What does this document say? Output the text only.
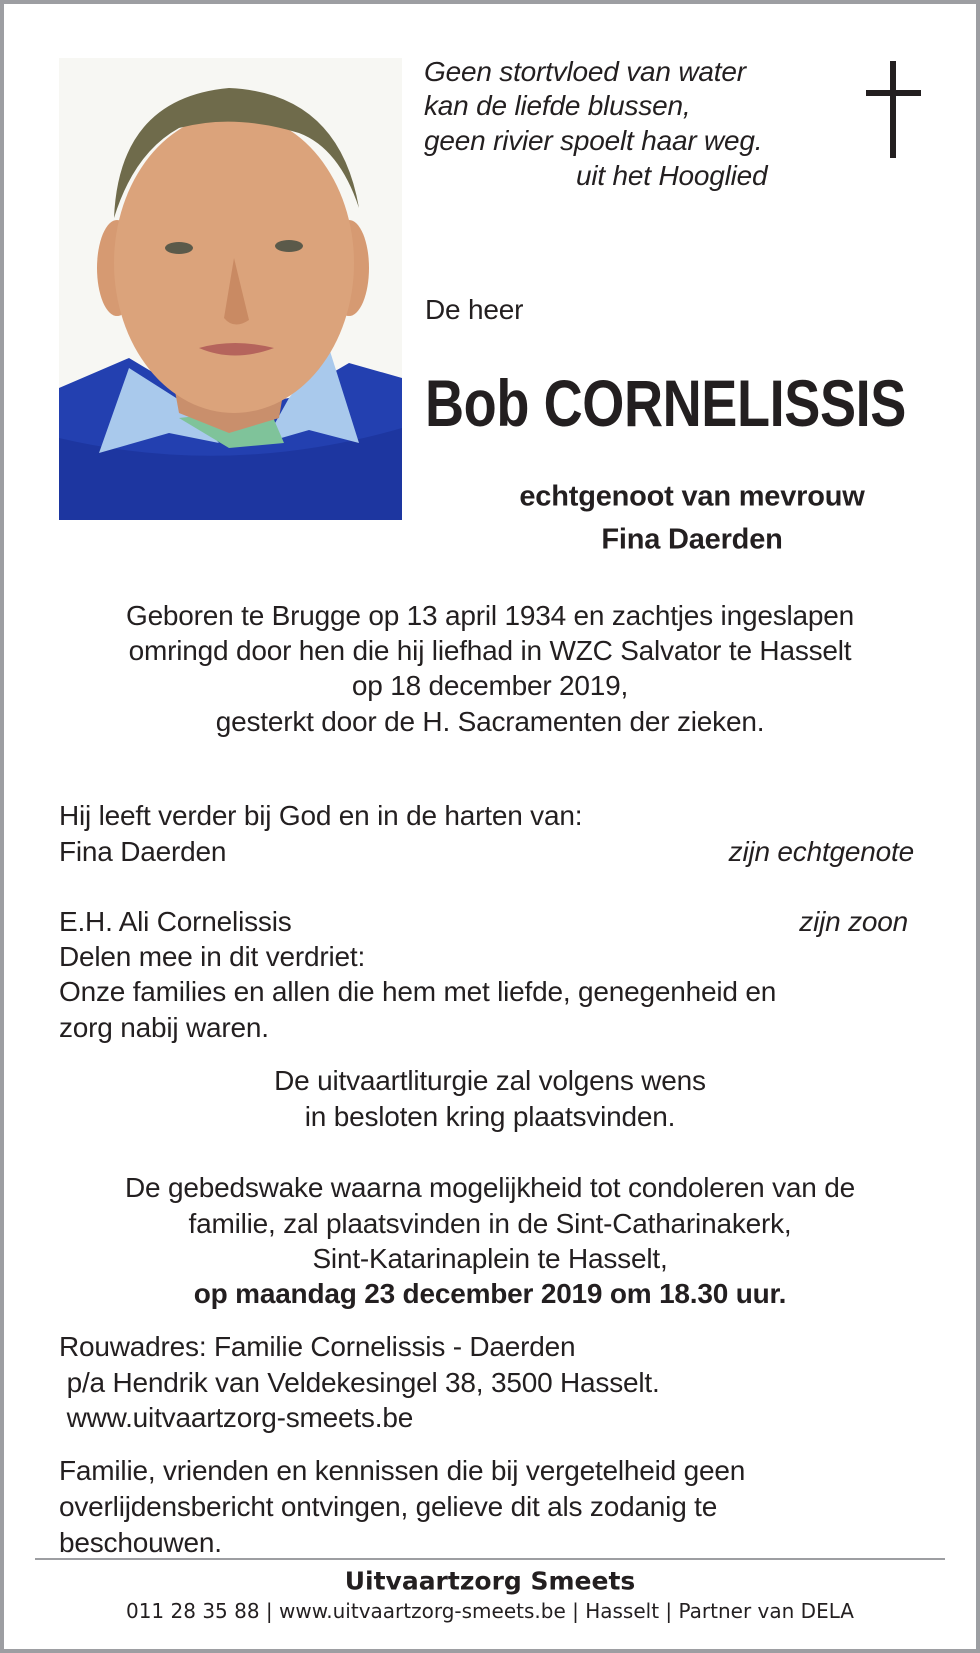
Geen stortvloed van water
kan de liefde blussen,
geen rivier spoelt haar weg.
uit het Hooglied
De heer
Bob CORNELISSIS
echtgenoot van mevrouw
Fina Daerden
Geboren te Brugge op 13 april 1934 en zachtjes ingeslapen
omringd door hen die hij liefhad in WZC Salvator te Hasselt
op 18 december 2019,
gesterkt door de H. Sacramenten der zieken.
Hij leeft verder bij God en in de harten van:
Fina Daerden	zijn echtgenote
E.H. Ali Cornelissis	zijn zoon
Delen mee in dit verdriet:
Onze families en allen die hem met liefde, genegenheid en
zorg nabij waren.
De uitvaartliturgie zal volgens wens
in besloten kring plaatsvinden.
De gebedswake waarna mogelijkheid tot condoleren van de
familie, zal plaatsvinden in de Sint-Catharinakerk,
Sint-Katarinaplein te Hasselt,
op maandag 23 december 2019 om 18.30 uur.
Rouwadres: Familie Cornelissis - Daerden
p/a Hendrik van Veldekesingel 38, 3500 Hasselt.
www.uitvaartzorg-smeets.be
Familie, vrienden en kennissen die bij vergetelheid geen
overlijdensbericht ontvingen, gelieve dit als zodanig te
beschouwen.
Uitvaartzorg Smeets
011 28 35 88 | www.uitvaartzorg-smeets.be | Hasselt | Partner van DELA
